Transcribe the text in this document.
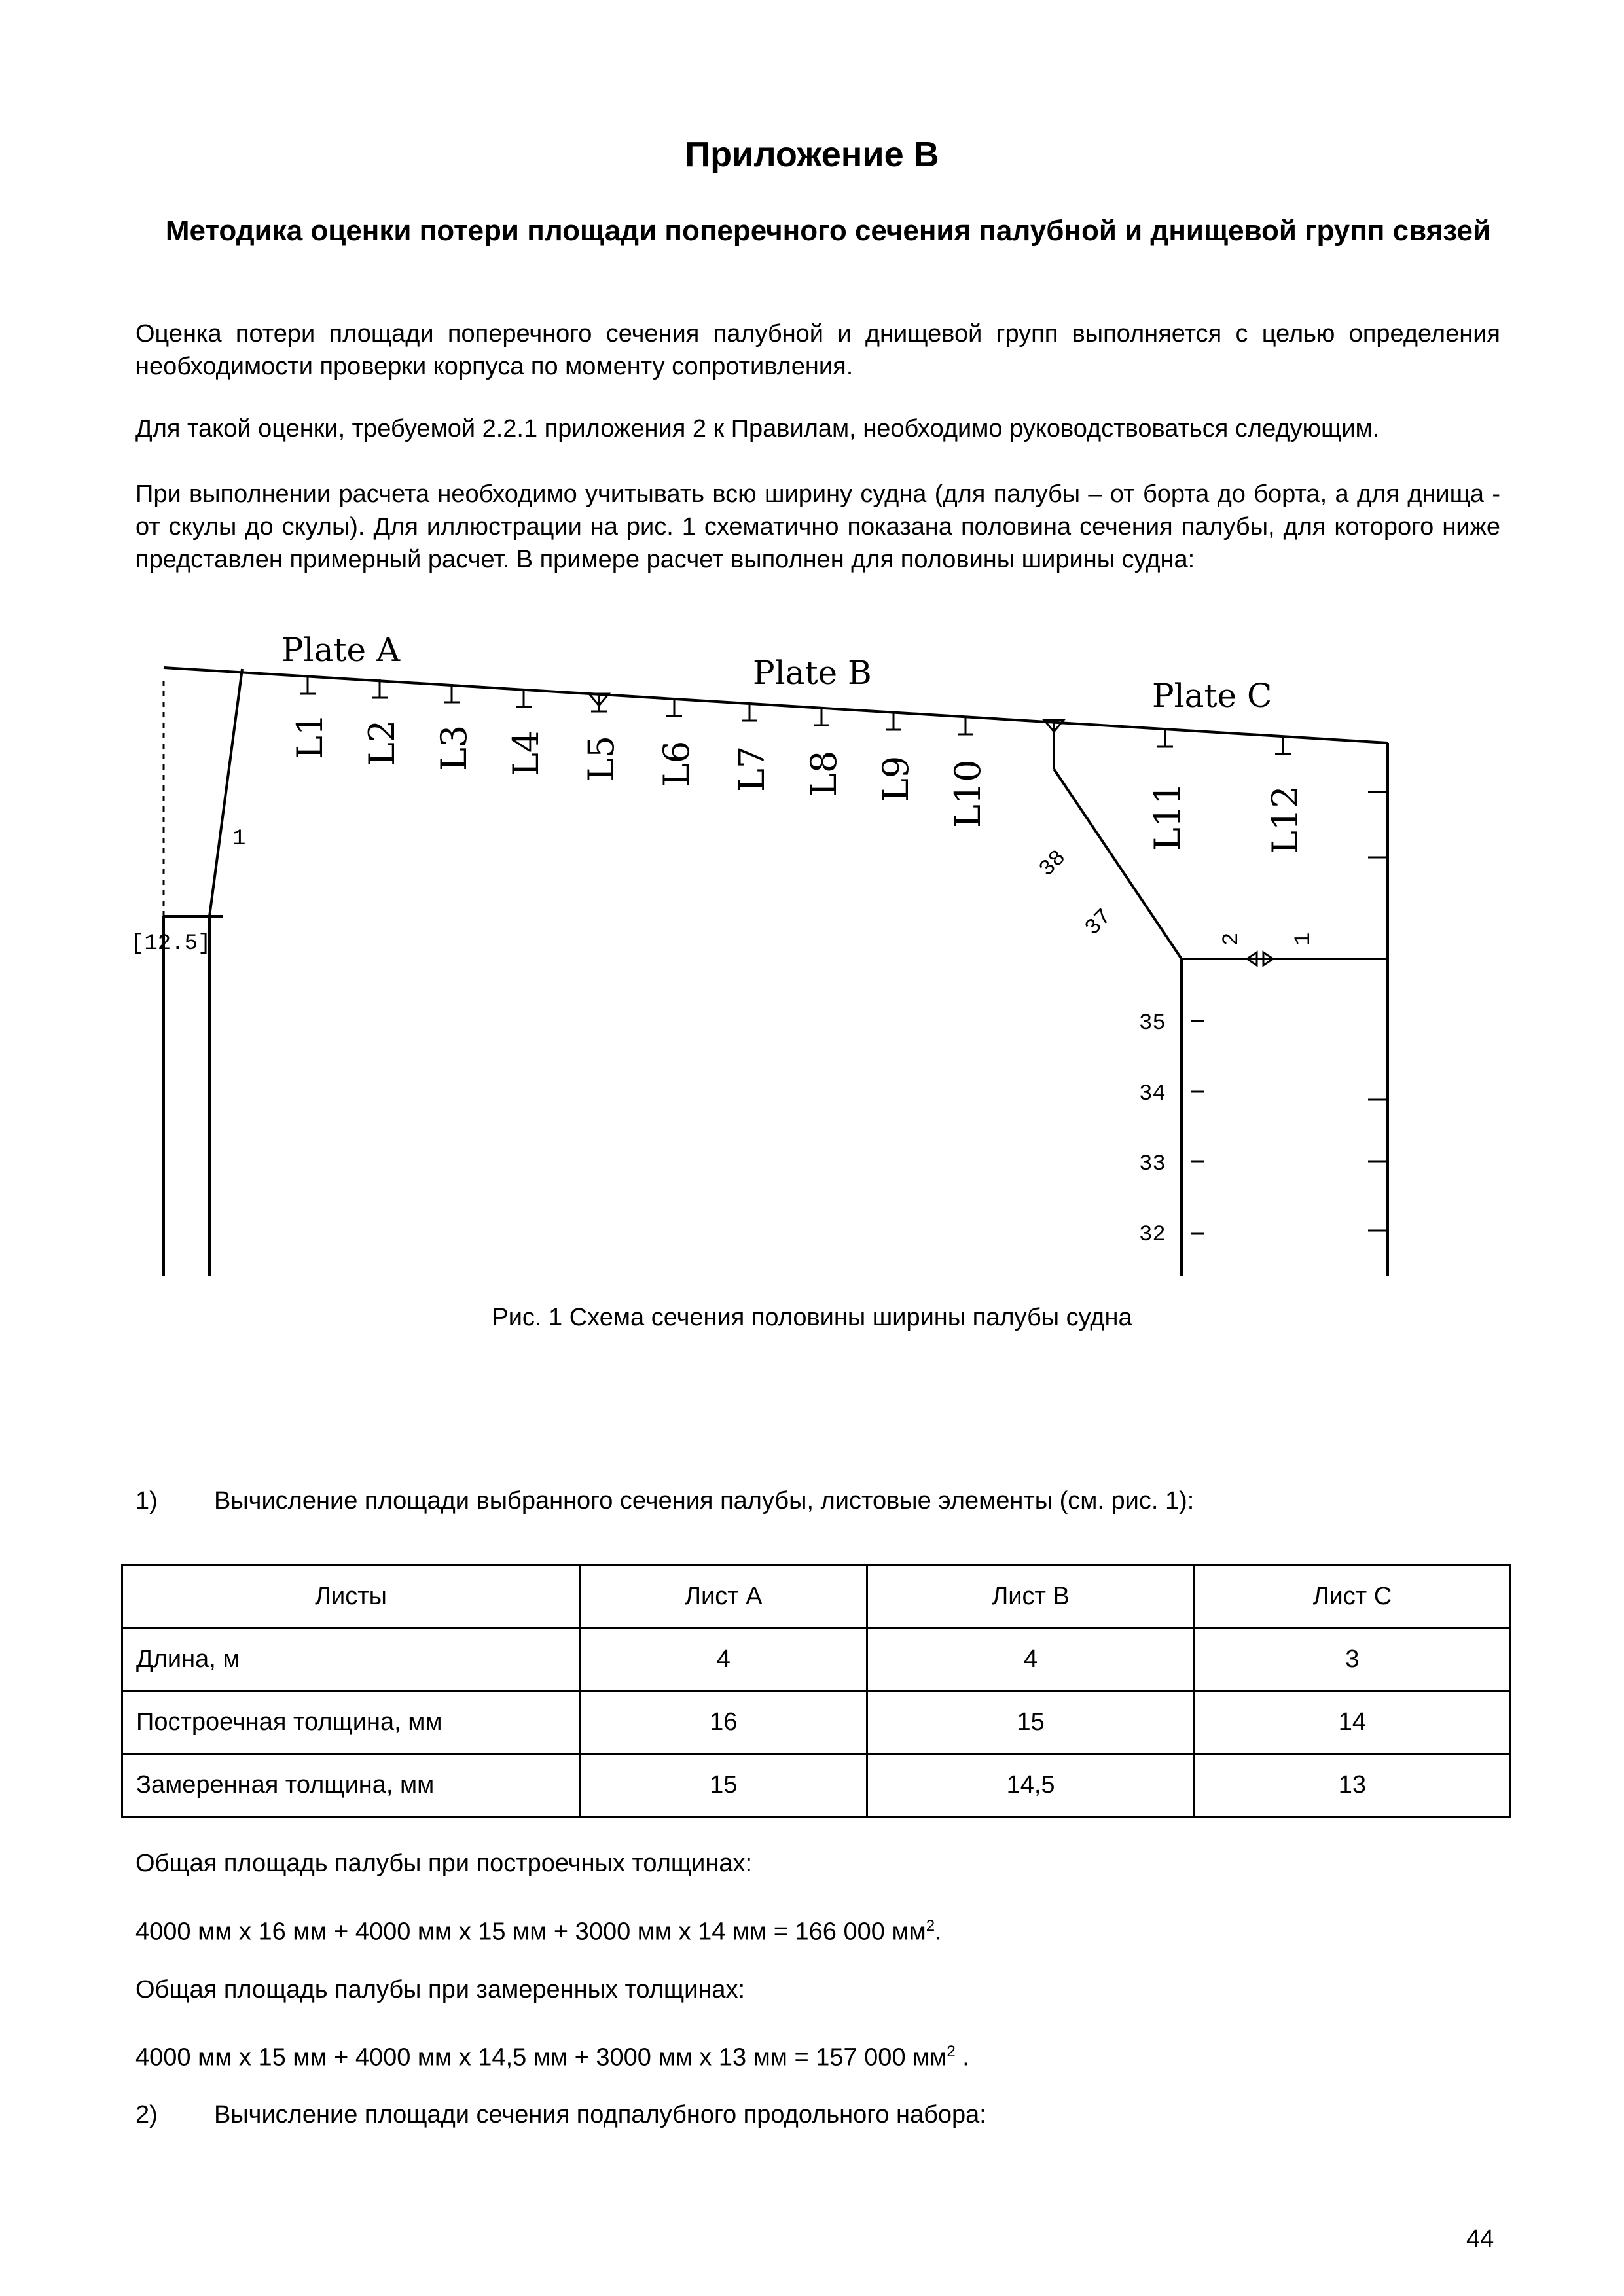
Приложение В
Методика оценки потери площади поперечного сечения палубной и днищевой групп связей
Оценка потери площади поперечного сечения палубной и днищевой групп выполняется с целью определения необходимости проверки корпуса по моменту сопротивления.
Для такой оценки, требуемой 2.2.1 приложения 2 к Правилам, необходимо руководствоваться следующим.
При выполнении расчета необходимо учитывать всю ширину судна (для палубы – от борта до борта, а для днища - от скулы до скулы). Для иллюстрации на рис. 1 схематично показана половина сечения палубы, для которого ниже представлен примерный расчет. В примере расчет выполнен для половины ширины судна:
Plate A
Plate B
Plate C
L1 L2 L3 L4 L5 L6 L7 L8 L9 L10	L11 L12
1
[12.5]
38
37	2 1
35
34
33
32
Рис. 1 Схема сечения половины ширины палубы судна
1) Вычисление площади выбранного сечения палубы, листовые элементы (см. рис. 1):
Листы	Лист А	Лист В	Лист С
Длина, м	4	4	3
Построечная толщина, мм	16	15	14
Замеренная толщина, мм	15	14,5	13
Общая площадь палубы при построечных толщинах:
4000 мм х 16 мм + 4000 мм х 15 мм + 3000 мм х 14 мм = 166 000 $мм^2$.
Общая площадь палубы при замеренных толщинах:
4000 мм х 15 мм + 4000 мм х 14,5 мм + 3000 мм х 13 мм = 157 000 $мм^2$ .
2) Вычисление площади сечения подпалубного продольного набора:
44
